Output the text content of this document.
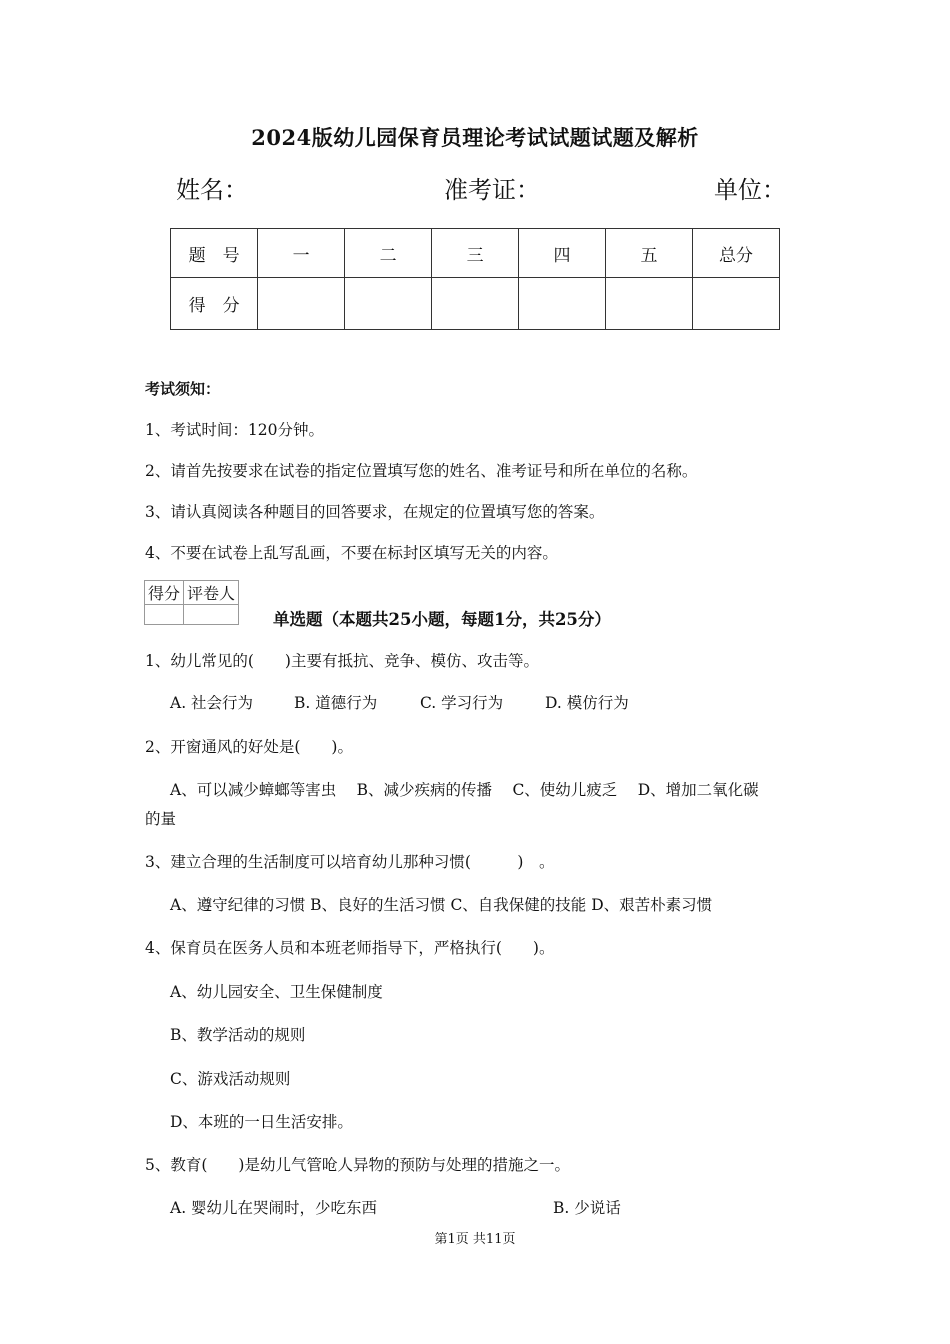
2024版幼儿园保育员理论考试试题试题及解析
姓名：	准考证：	单位：
题　号	一	二	三	四	五	总分
得　分						
考试须知：
1、考试时间：120分钟。
2、请首先按要求在试卷的指定位置填写您的姓名、准考证号和所在单位的名称。
3、请认真阅读各种题目的回答要求，在规定的位置填写您的答案。
4、不要在试卷上乱写乱画，不要在标封区填写无关的内容。
得分	评卷人

单选题（本题共25小题，每题1分，共25分）
1、幼儿常见的(　　)主要有抵抗、竞争、模仿、攻击等。
A. 社会行为	B. 道德行为	C. 学习行为	D. 模仿行为
2、开窗通风的好处是(　　)。
A、可以减少蟑螂等害虫　 B、减少疾病的传播　 C、使幼儿疲乏　 D、增加二氧化碳
的量
3、建立合理的生活制度可以培育幼儿那种习惯(　　　)　。
A、遵守纪律的习惯 B、良好的生活习惯 C、自我保健的技能 D、艰苦朴素习惯
4、保育员在医务人员和本班老师指导下，严格执行(　　)。
A、幼儿园安全、卫生保健制度
B、教学活动的规则
C、游戏活动规则
D、本班的一日生活安排。
5、教育(　　)是幼儿气管呛人异物的预防与处理的措施之一。
A. 婴幼儿在哭闹时，少吃东西	B. 少说话
第1页 共11页
